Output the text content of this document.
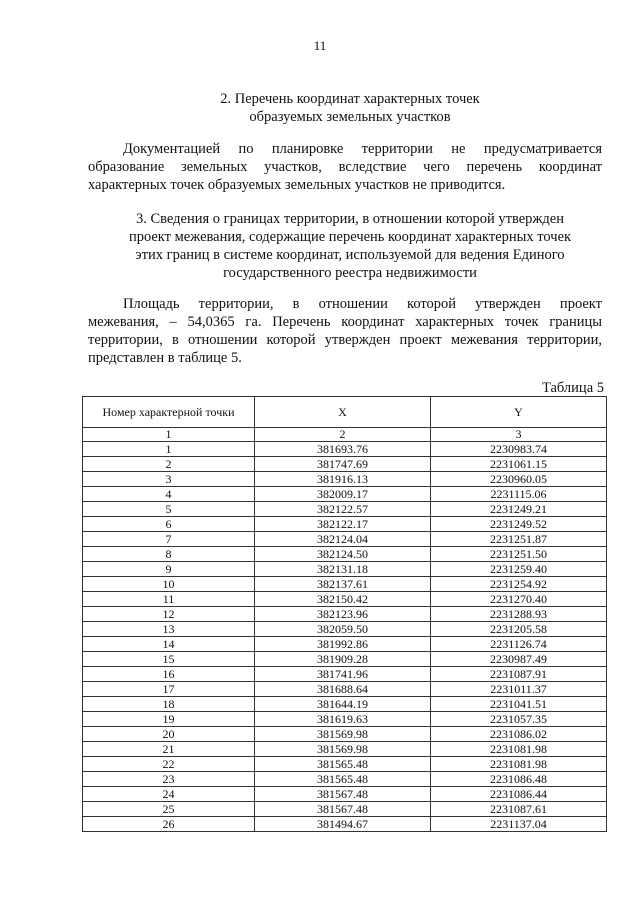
11
2. Перечень координат характерных точек
образуемых земельных участков
Документацией по планировке территории не предусматривается
образование земельных участков, вследствие чего перечень координат
характерных точек образуемых земельных участков не приводится.
3. Сведения о границах территории, в отношении которой утвержден
проект межевания, содержащие перечень координат характерных точек
этих границ в системе координат, используемой для ведения Единого
государственного реестра недвижимости
Площадь территории, в отношении которой утвержден проект
межевания, – 54,0365 га. Перечень координат характерных точек границы
территории, в отношении которой утвержден проект межевания территории,
представлен в таблице 5.
Таблица 5
Номер характерной точки	X	Y
1	2	3
1	381693.76	2230983.74
2	381747.69	2231061.15
3	381916.13	2230960.05
4	382009.17	2231115.06
5	382122.57	2231249.21
6	382122.17	2231249.52
7	382124.04	2231251.87
8	382124.50	2231251.50
9	382131.18	2231259.40
10	382137.61	2231254.92
11	382150.42	2231270.40
12	382123.96	2231288.93
13	382059.50	2231205.58
14	381992.86	2231126.74
15	381909.28	2230987.49
16	381741.96	2231087.91
17	381688.64	2231011.37
18	381644.19	2231041.51
19	381619.63	2231057.35
20	381569.98	2231086.02
21	381569.98	2231081.98
22	381565.48	2231081.98
23	381565.48	2231086.48
24	381567.48	2231086.44
25	381567.48	2231087.61
26	381494.67	2231137.04
